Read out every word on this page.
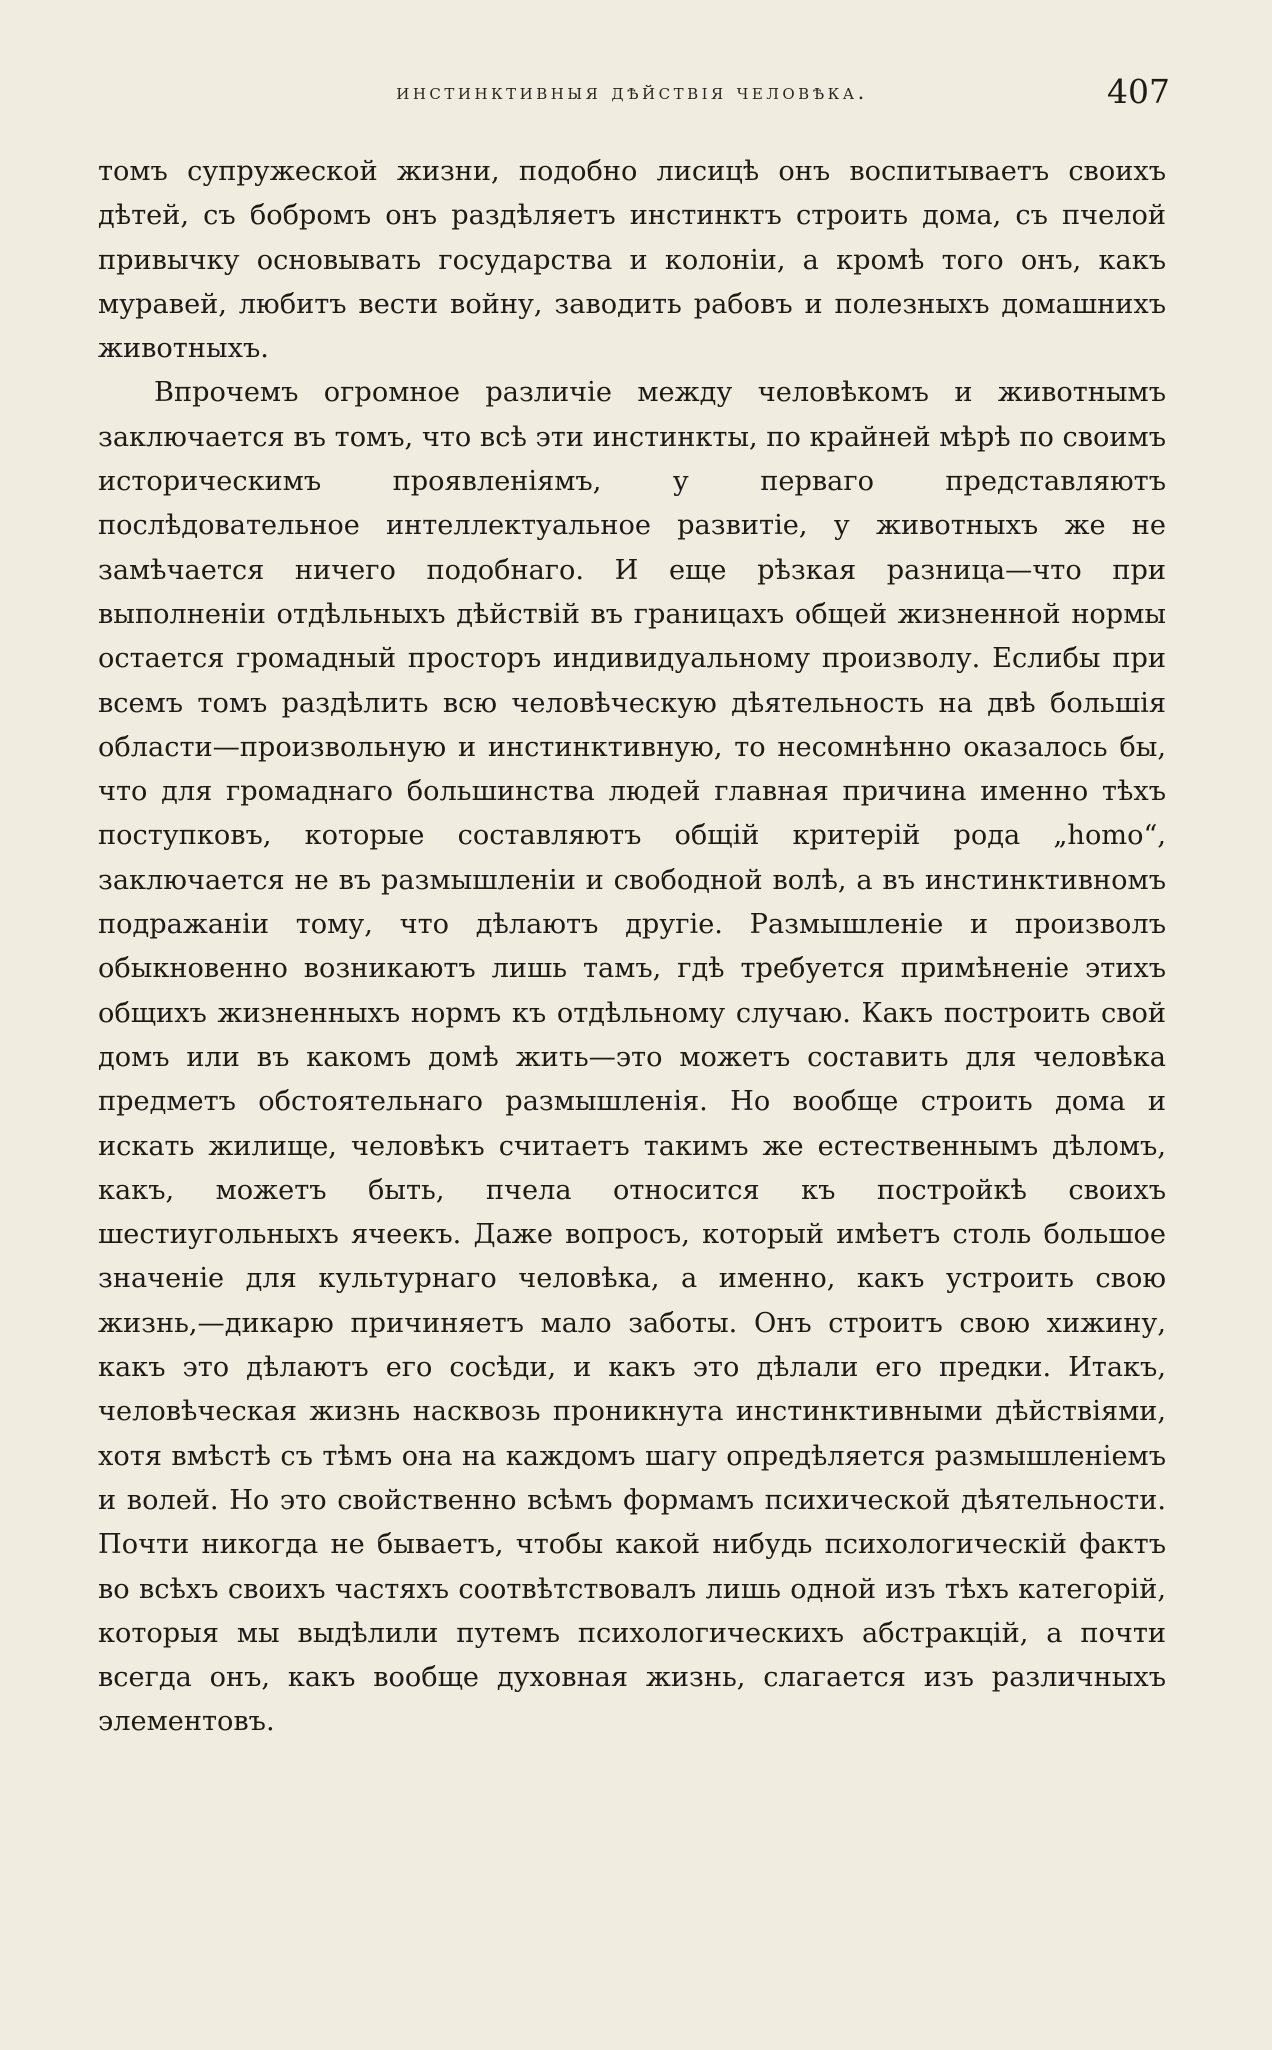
инстинктивныя дѣйствія человѣка.	407

томъ супружеской жизни, подобно лисицѣ онъ воспитываетъ своихъ дѣтей, съ бобромъ онъ раздѣляетъ инстинктъ строить дома, съ пчелой привычку основывать государства и колоніи, а кромѣ того онъ, какъ муравей, любитъ вести войну, заводить рабовъ и полезныхъ домашнихъ животныхъ.

Впрочемъ огромное различіе между человѣкомъ и животнымъ заключается въ томъ, что всѣ эти инстинкты, по крайней мѣрѣ по своимъ историческимъ проявленіямъ, у перваго представляютъ послѣдовательное интеллектуальное развитіе, у животныхъ же не замѣчается ничего подобнаго. И еще рѣзкая разница—что при выполненіи отдѣльныхъ дѣйствій въ границахъ общей жизненной нормы остается громадный просторъ индивидуальному произволу. Еслибы при всемъ томъ раздѣлить всю человѣческую дѣятельность на двѣ большія области—произвольную и инстинктивную, то несомнѣнно оказалось бы, что для громаднаго большинства людей главная причина именно тѣхъ поступковъ, которые составляютъ общій критерій рода „homo“, заключается не въ размышленіи и свободной волѣ, а въ инстинктивномъ подражаніи тому, что дѣлаютъ другіе. Размышленіе и произволъ обыкновенно возникаютъ лишь тамъ, гдѣ требуется примѣненіе этихъ общихъ жизненныхъ нормъ къ отдѣльному случаю. Какъ построить свой домъ или въ какомъ домѣ жить—это можетъ составить для человѣка предметъ обстоятельнаго размышленія. Но вообще строить дома и искать жилище, человѣкъ считаетъ такимъ же естественнымъ дѣломъ, какъ, можетъ быть, пчела относится къ постройкѣ своихъ шестиугольныхъ ячеекъ. Даже вопросъ, который имѣетъ столь большое значеніе для культурнаго человѣка, а именно, какъ устроить свою жизнь,—дикарю причиняетъ мало заботы. Онъ строитъ свою хижину, какъ это дѣлаютъ его сосѣди, и какъ это дѣлали его предки. Итакъ, человѣческая жизнь насквозь проникнута инстинктивными дѣйствіями, хотя вмѣстѣ съ тѣмъ она на каждомъ шагу опредѣляется размышленіемъ и волей. Но это свойственно всѣмъ формамъ психической дѣятельности. Почти никогда не бываетъ, чтобы какой нибудь психологическій фактъ во всѣхъ своихъ частяхъ соотвѣтствовалъ лишь одной изъ тѣхъ категорій, которыя мы выдѣлили путемъ психологическихъ абстракцій, а почти всегда онъ, какъ вообще духовная жизнь, слагается изъ различныхъ элементовъ.
